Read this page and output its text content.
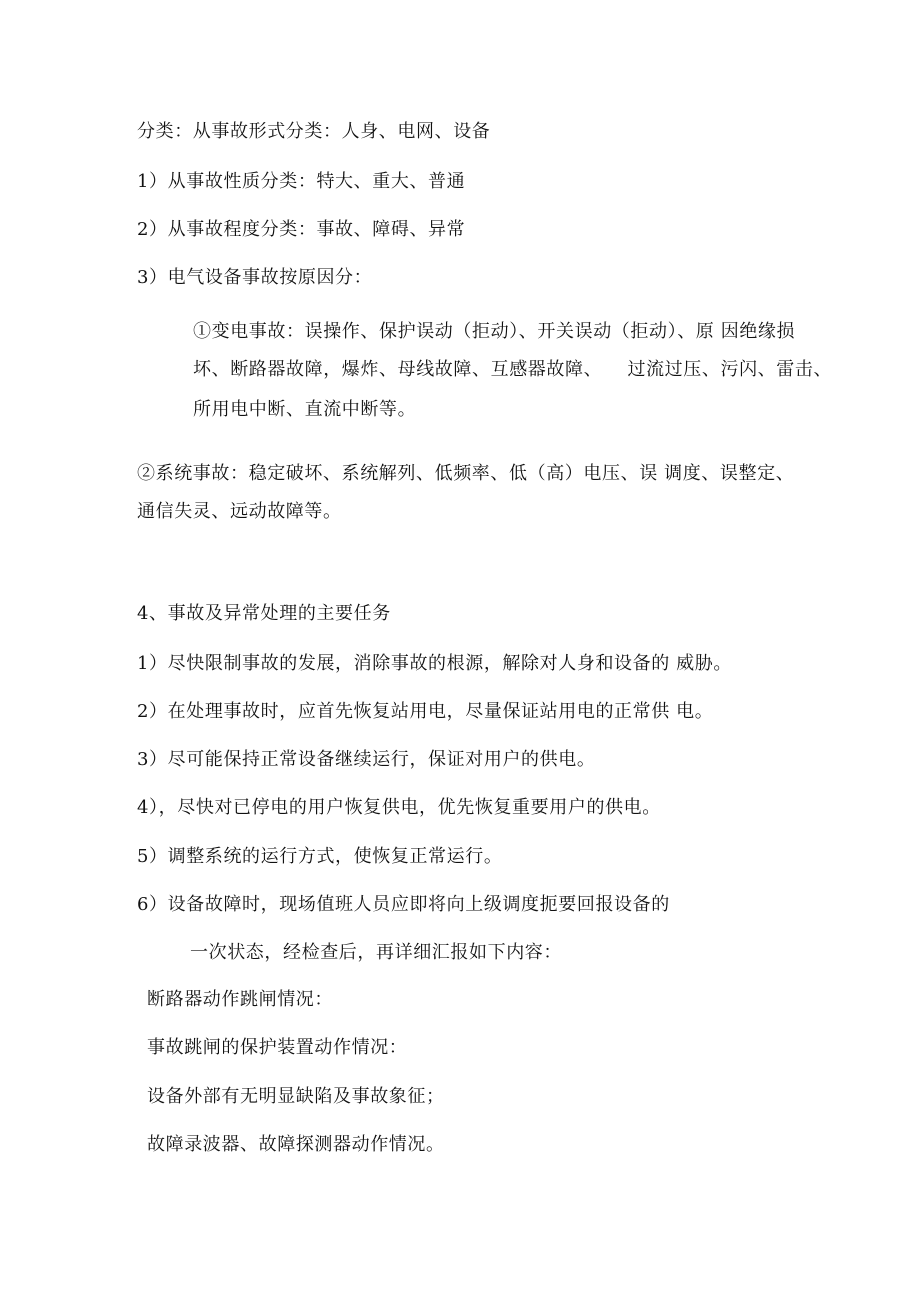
分类：从事故形式分类：人身、电网、设备
1）从事故性质分类：特大、重大、普通
2）从事故程度分类：事故、障碍、异常
3）电气设备事故按原因分：
①变电事故：误操作、保护误动（拒动）、开关误动（拒动）、原 因绝缘损
坏、断路器故障，爆炸、母线故障、互感器故障、    过流过压、污闪、雷击、
所用电中断、直流中断等。
②系统事故：稳定破坏、系统解列、低频率、低（高）电压、误 调度、误整定、
通信失灵、远动故障等。
4、事故及异常处理的主要任务
1）尽快限制事故的发展，消除事故的根源，解除对人身和设备的 威胁。
2）在处理事故时，应首先恢复站用电，尽量保证站用电的正常供 电。
3）尽可能保持正常设备继续运行，保证对用户的供电。
4），尽快对已停电的用户恢复供电，优先恢复重要用户的供电。
5）调整系统的运行方式，使恢复正常运行。
6）设备故障时，现场值班人员应即将向上级调度扼要回报设备的
一次状态，经检查后，再详细汇报如下内容：
断路器动作跳闸情况：
事故跳闸的保护装置动作情况：
设备外部有无明显缺陷及事故象征；
故障录波器、故障探测器动作情况。
